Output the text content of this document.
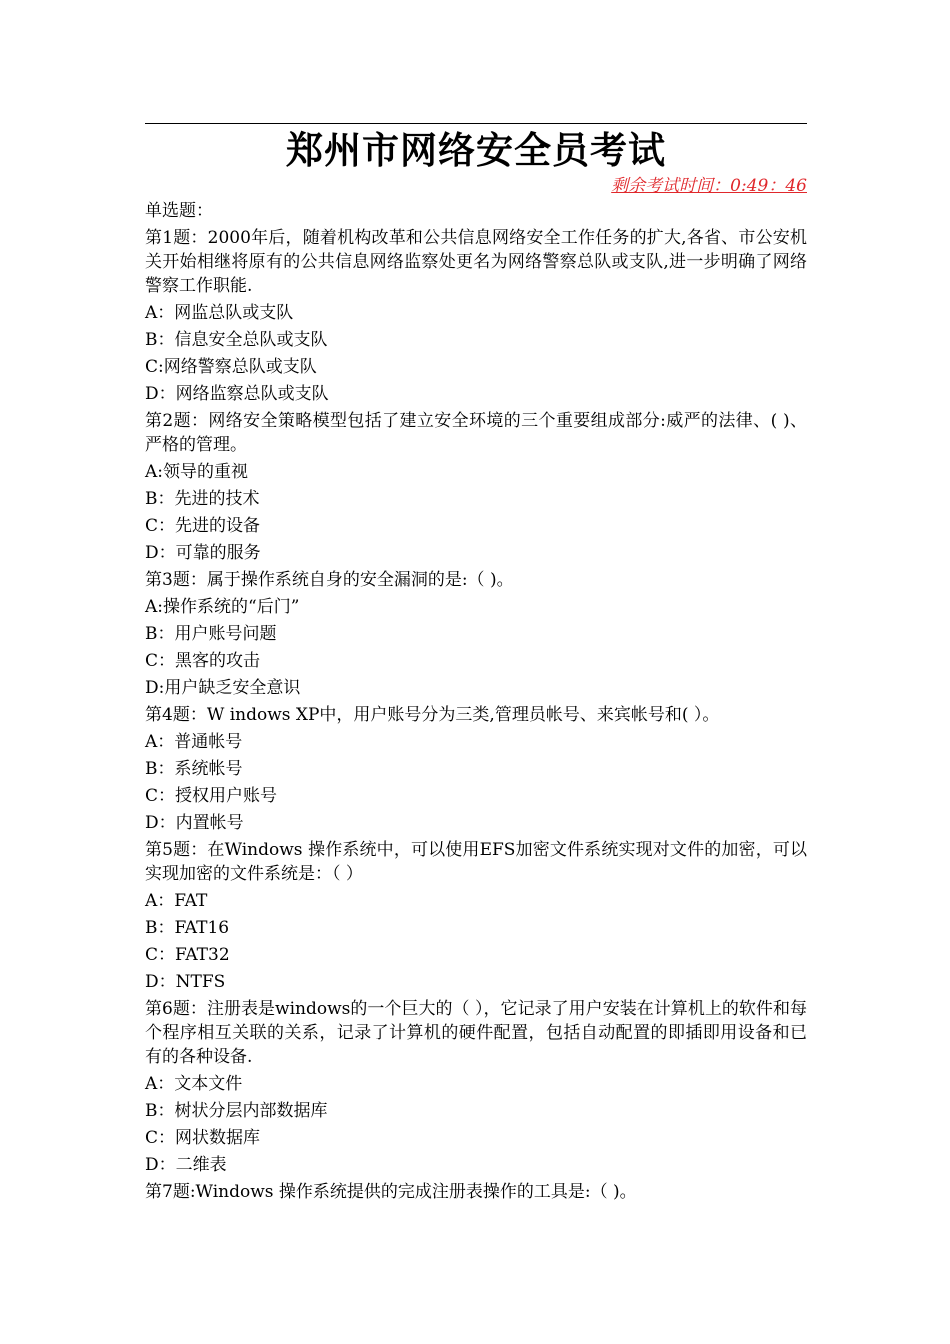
郑州市网络安全员考试
剩余考试时间：0:49：46
单选题：
第1题：2000年后，随着机构改革和公共信息网络安全工作任务的扩大,各省、市公安机关开始相继将原有的公共信息网络监察处更名为网络警察总队或支队,进一步明确了网络警察工作职能.
A：网监总队或支队
B：信息安全总队或支队
C:网络警察总队或支队
D：网络监察总队或支队
第2题：网络安全策略模型包括了建立安全环境的三个重要组成部分:威严的法律、( )、严格的管理。
A:领导的重视
B：先进的技术
C：先进的设备
D：可靠的服务
第3题：属于操作系统自身的安全漏洞的是:（ )。
A:操作系统的“后门”
B：用户账号问题
C：黑客的攻击
D:用户缺乏安全意识
第4题：W indows XP中，用户账号分为三类,管理员帐号、来宾帐号和( ）。
A：普通帐号
B：系统帐号
C：授权用户账号
D：内置帐号
第5题：在Windows 操作系统中，可以使用EFS加密文件系统实现对文件的加密，可以实现加密的文件系统是：（ ）
A：FAT
B：FAT16
C：FAT32
D：NTFS
第6题：注册表是windows的一个巨大的（ ），它记录了用户安装在计算机上的软件和每个程序相互关联的关系，记录了计算机的硬件配置，包括自动配置的即插即用设备和已有的各种设备.
A：文本文件
B：树状分层内部数据库
C：网状数据库
D：二维表
第7题:Windows 操作系统提供的完成注册表操作的工具是:（ )。
